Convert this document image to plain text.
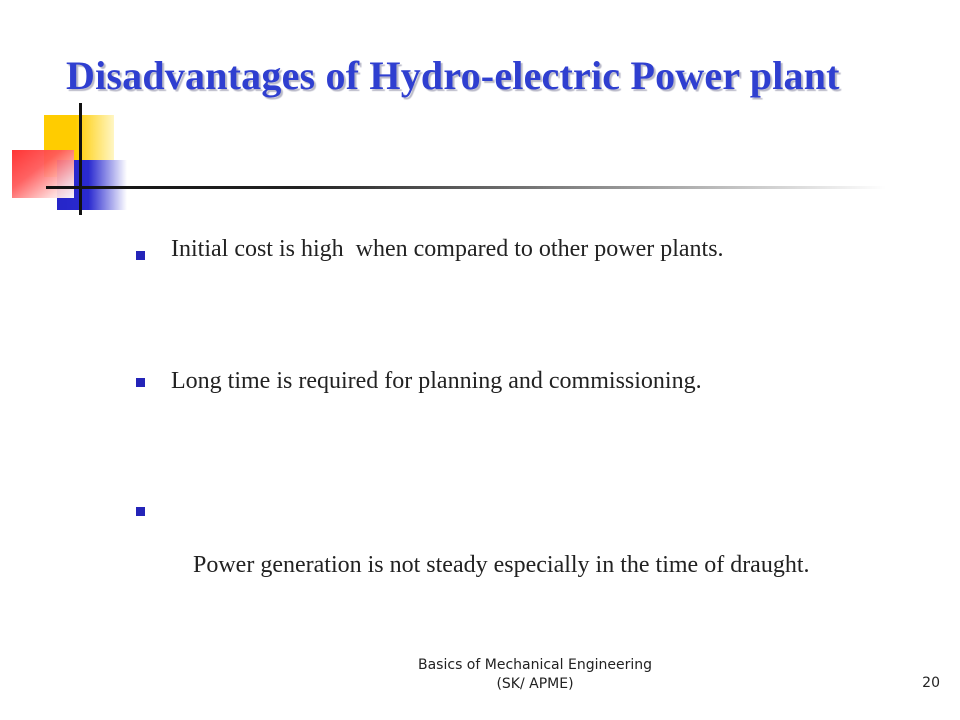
Disadvantages of Hydro-electric Power plant
Initial cost is high  when compared to other power plants.
Long time is required for planning and commissioning.

Power generation is not steady especially in the time of draught.

Basics of Mechanical Engineering
(SK/ APME)	20
